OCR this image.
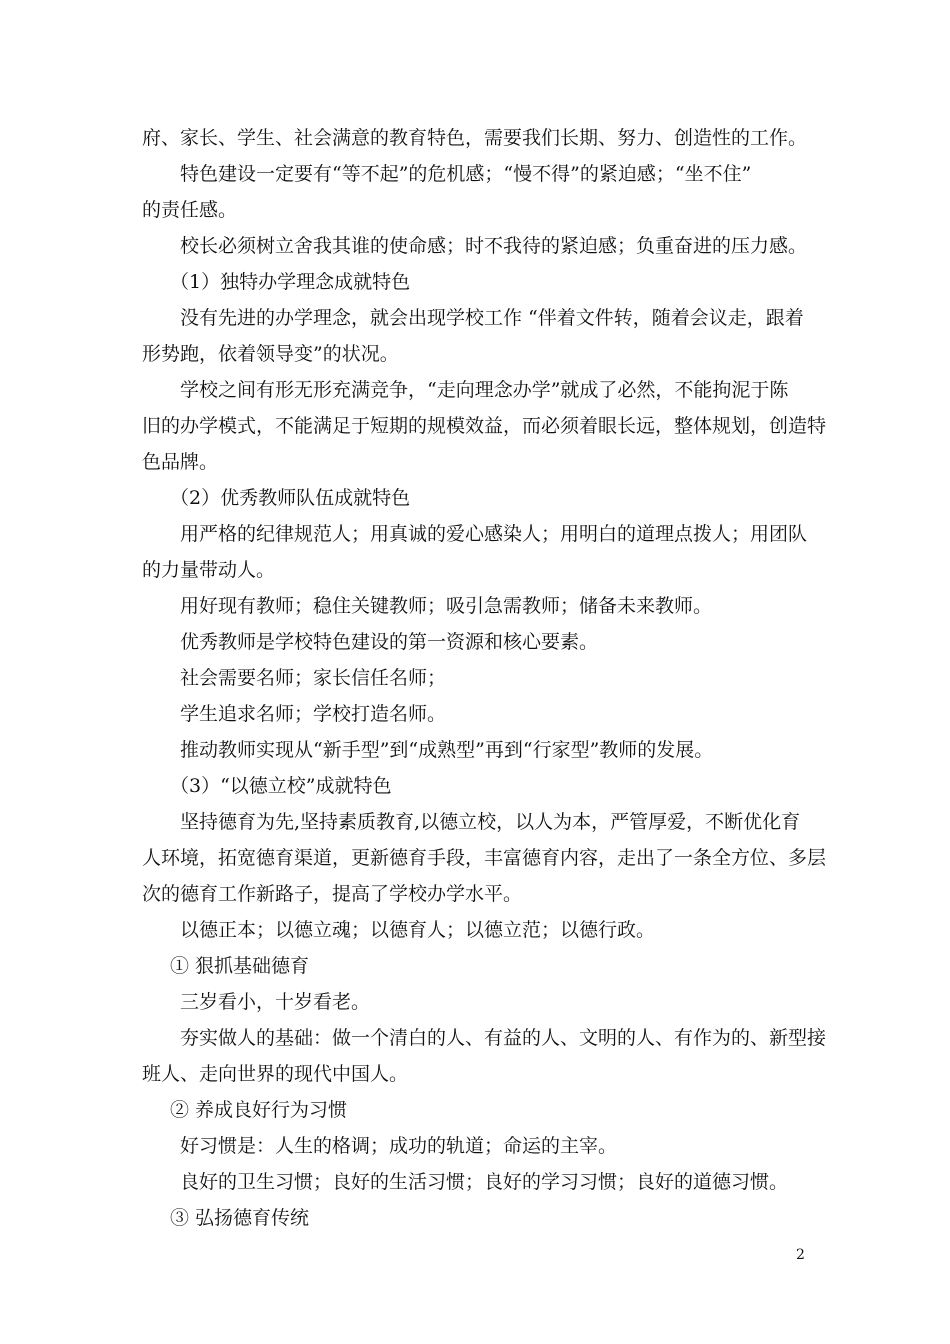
府、家长、学生、社会满意的教育特色，需要我们长期、努力、创造性的工作。

特色建设一定要有“等不起”的危机感；“慢不得”的紧迫感；“坐不住”

的责任感。

校长必须树立舍我其谁的使命感；时不我待的紧迫感；负重奋进的压力感。

（1）独特办学理念成就特色

没有先进的办学理念，就会出现学校工作 “伴着文件转，随着会议走，跟着

形势跑，依着领导变”的状况。

学校之间有形无形充满竞争，“走向理念办学”就成了必然，不能拘泥于陈

旧的办学模式，不能满足于短期的规模效益，而必须着眼长远，整体规划，创造特

色品牌。

（2）优秀教师队伍成就特色

用严格的纪律规范人；用真诚的爱心感染人；用明白的道理点拨人；用团队

的力量带动人。

用好现有教师；稳住关键教师；吸引急需教师；储备未来教师。

优秀教师是学校特色建设的第一资源和核心要素。

社会需要名师；家长信任名师；

学生追求名师；学校打造名师。

推动教师实现从“新手型”到“成熟型”再到“行家型”教师的发展。

（3）“以德立校”成就特色

坚持德育为先,坚持素质教育,以德立校，以人为本，严管厚爱，不断优化育

人环境，拓宽德育渠道，更新德育手段，丰富德育内容，走出了一条全方位、多层

次的德育工作新路子，提高了学校办学水平。

以德正本；以德立魂；以德育人；以德立范；以德行政。

① 狠抓基础德育

三岁看小，十岁看老。

夯实做人的基础：做一个清白的人、有益的人、文明的人、有作为的、新型接

班人、走向世界的现代中国人。

② 养成良好行为习惯

好习惯是：人生的格调；成功的轨道；命运的主宰。

良好的卫生习惯；良好的生活习惯；良好的学习习惯；良好的道德习惯。

③ 弘扬德育传统

2
